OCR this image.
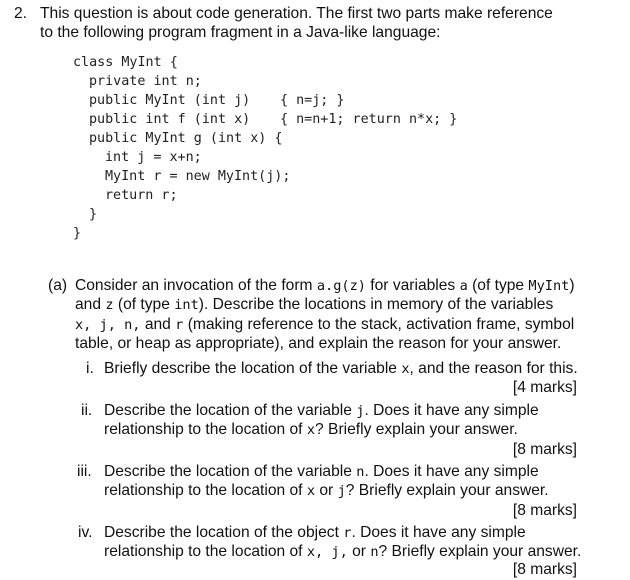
2. This question is about code generation. The first two parts make reference
to the following program fragment in a Java-like language:
class MyInt {
private int n;
public MyInt (int j) { n=j; }
public int f (int x) { n=n+1; return n*x; }
public MyInt g (int x) {
int j = x+n;
MyInt r = new MyInt(j);
return r;
}
}
(a) Consider an invocation of the form a.g(z) for variables a (of type MyInt)
and z (of type int). Describe the locations in memory of the variables
x, j, n, and r (making reference to the stack, activation frame, symbol
table, or heap as appropriate), and explain the reason for your answer.
i. Briefly describe the location of the variable x, and the reason for this.
[4 marks]
ii. Describe the location of the variable j. Does it have any simple
relationship to the location of x? Briefly explain your answer.
[8 marks]
iii. Describe the location of the variable n. Does it have any simple
relationship to the location of x or j? Briefly explain your answer.
[8 marks]
iv. Describe the location of the object r. Does it have any simple
relationship to the location of x, j, or n? Briefly explain your answer.
[8 marks]
